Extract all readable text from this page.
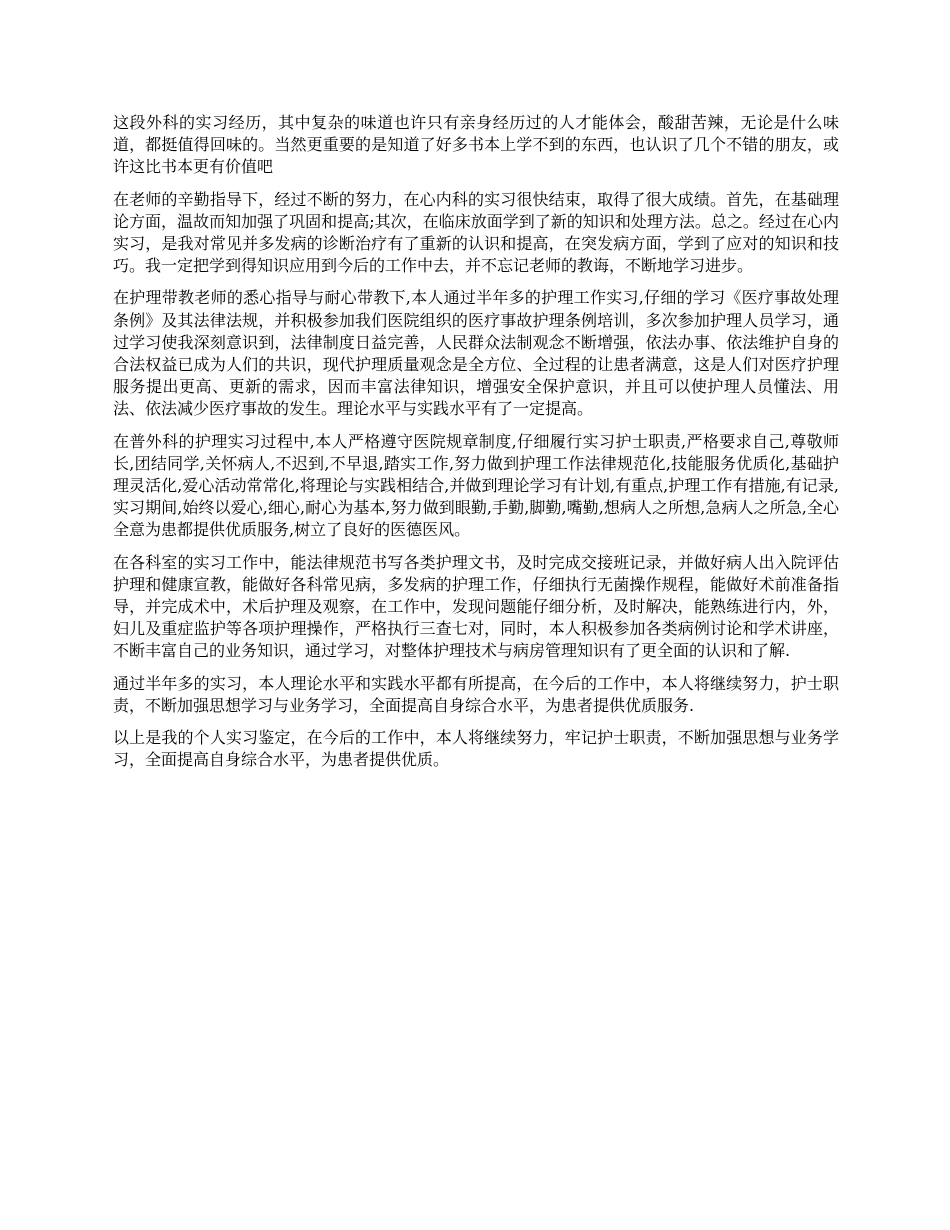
这段外科的实习经历，其中复杂的味道也许只有亲身经历过的人才能体会，酸甜苦辣，无论是什么味道，都挺值得回味的。当然更重要的是知道了好多书本上学不到的东西，也认识了几个不错的朋友，或许这比书本更有价值吧

在老师的辛勤指导下，经过不断的努力，在心内科的实习很快结束，取得了很大成绩。首先，在基础理论方面，温故而知加强了巩固和提高;其次，在临床放面学到了新的知识和处理方法。总之。经过在心内实习，是我对常见并多发病的诊断治疗有了重新的认识和提高，在突发病方面，学到了应对的知识和技巧。我一定把学到得知识应用到今后的工作中去，并不忘记老师的教诲，不断地学习进步。

在护理带教老师的悉心指导与耐心带教下,本人通过半年多的护理工作实习,仔细的学习《医疗事故处理条例》及其法律法规，并积极参加我们医院组织的医疗事故护理条例培训，多次参加护理人员学习，通过学习使我深刻意识到，法律制度日益完善，人民群众法制观念不断增强，依法办事、依法维护自身的合法权益已成为人们的共识，现代护理质量观念是全方位、全过程的让患者满意，这是人们对医疗护理服务提出更高、更新的需求，因而丰富法律知识，增强安全保护意识，并且可以使护理人员懂法、用法、依法减少医疗事故的发生。理论水平与实践水平有了一定提高。

在普外科的护理实习过程中,本人严格遵守医院规章制度,仔细履行实习护士职责,严格要求自己,尊敬师长,团结同学,关怀病人,不迟到,不早退,踏实工作,努力做到护理工作法律规范化,技能服务优质化,基础护理灵活化,爱心活动常常化,将理论与实践相结合,并做到理论学习有计划,有重点,护理工作有措施,有记录,实习期间,始终以爱心,细心,耐心为基本,努力做到眼勤,手勤,脚勤,嘴勤,想病人之所想,急病人之所急,全心全意为患都提供优质服务,树立了良好的医德医风。

在各科室的实习工作中，能法律规范书写各类护理文书，及时完成交接班记录，并做好病人出入院评估护理和健康宣教，能做好各科常见病，多发病的护理工作，仔细执行无菌操作规程，能做好术前准备指导，并完成术中，术后护理及观察，在工作中，发现问题能仔细分析，及时解决，能熟练进行内，外，妇儿及重症监护等各项护理操作，严格执行三查七对，同时，本人积极参加各类病例讨论和学术讲座，不断丰富自己的业务知识，通过学习，对整体护理技术与病房管理知识有了更全面的认识和了解.

通过半年多的实习，本人理论水平和实践水平都有所提高，在今后的工作中，本人将继续努力，护士职责，不断加强思想学习与业务学习，全面提高自身综合水平，为患者提供优质服务.

以上是我的个人实习鉴定，在今后的工作中，本人将继续努力，牢记护士职责，不断加强思想与业务学习，全面提高自身综合水平，为患者提供优质。
